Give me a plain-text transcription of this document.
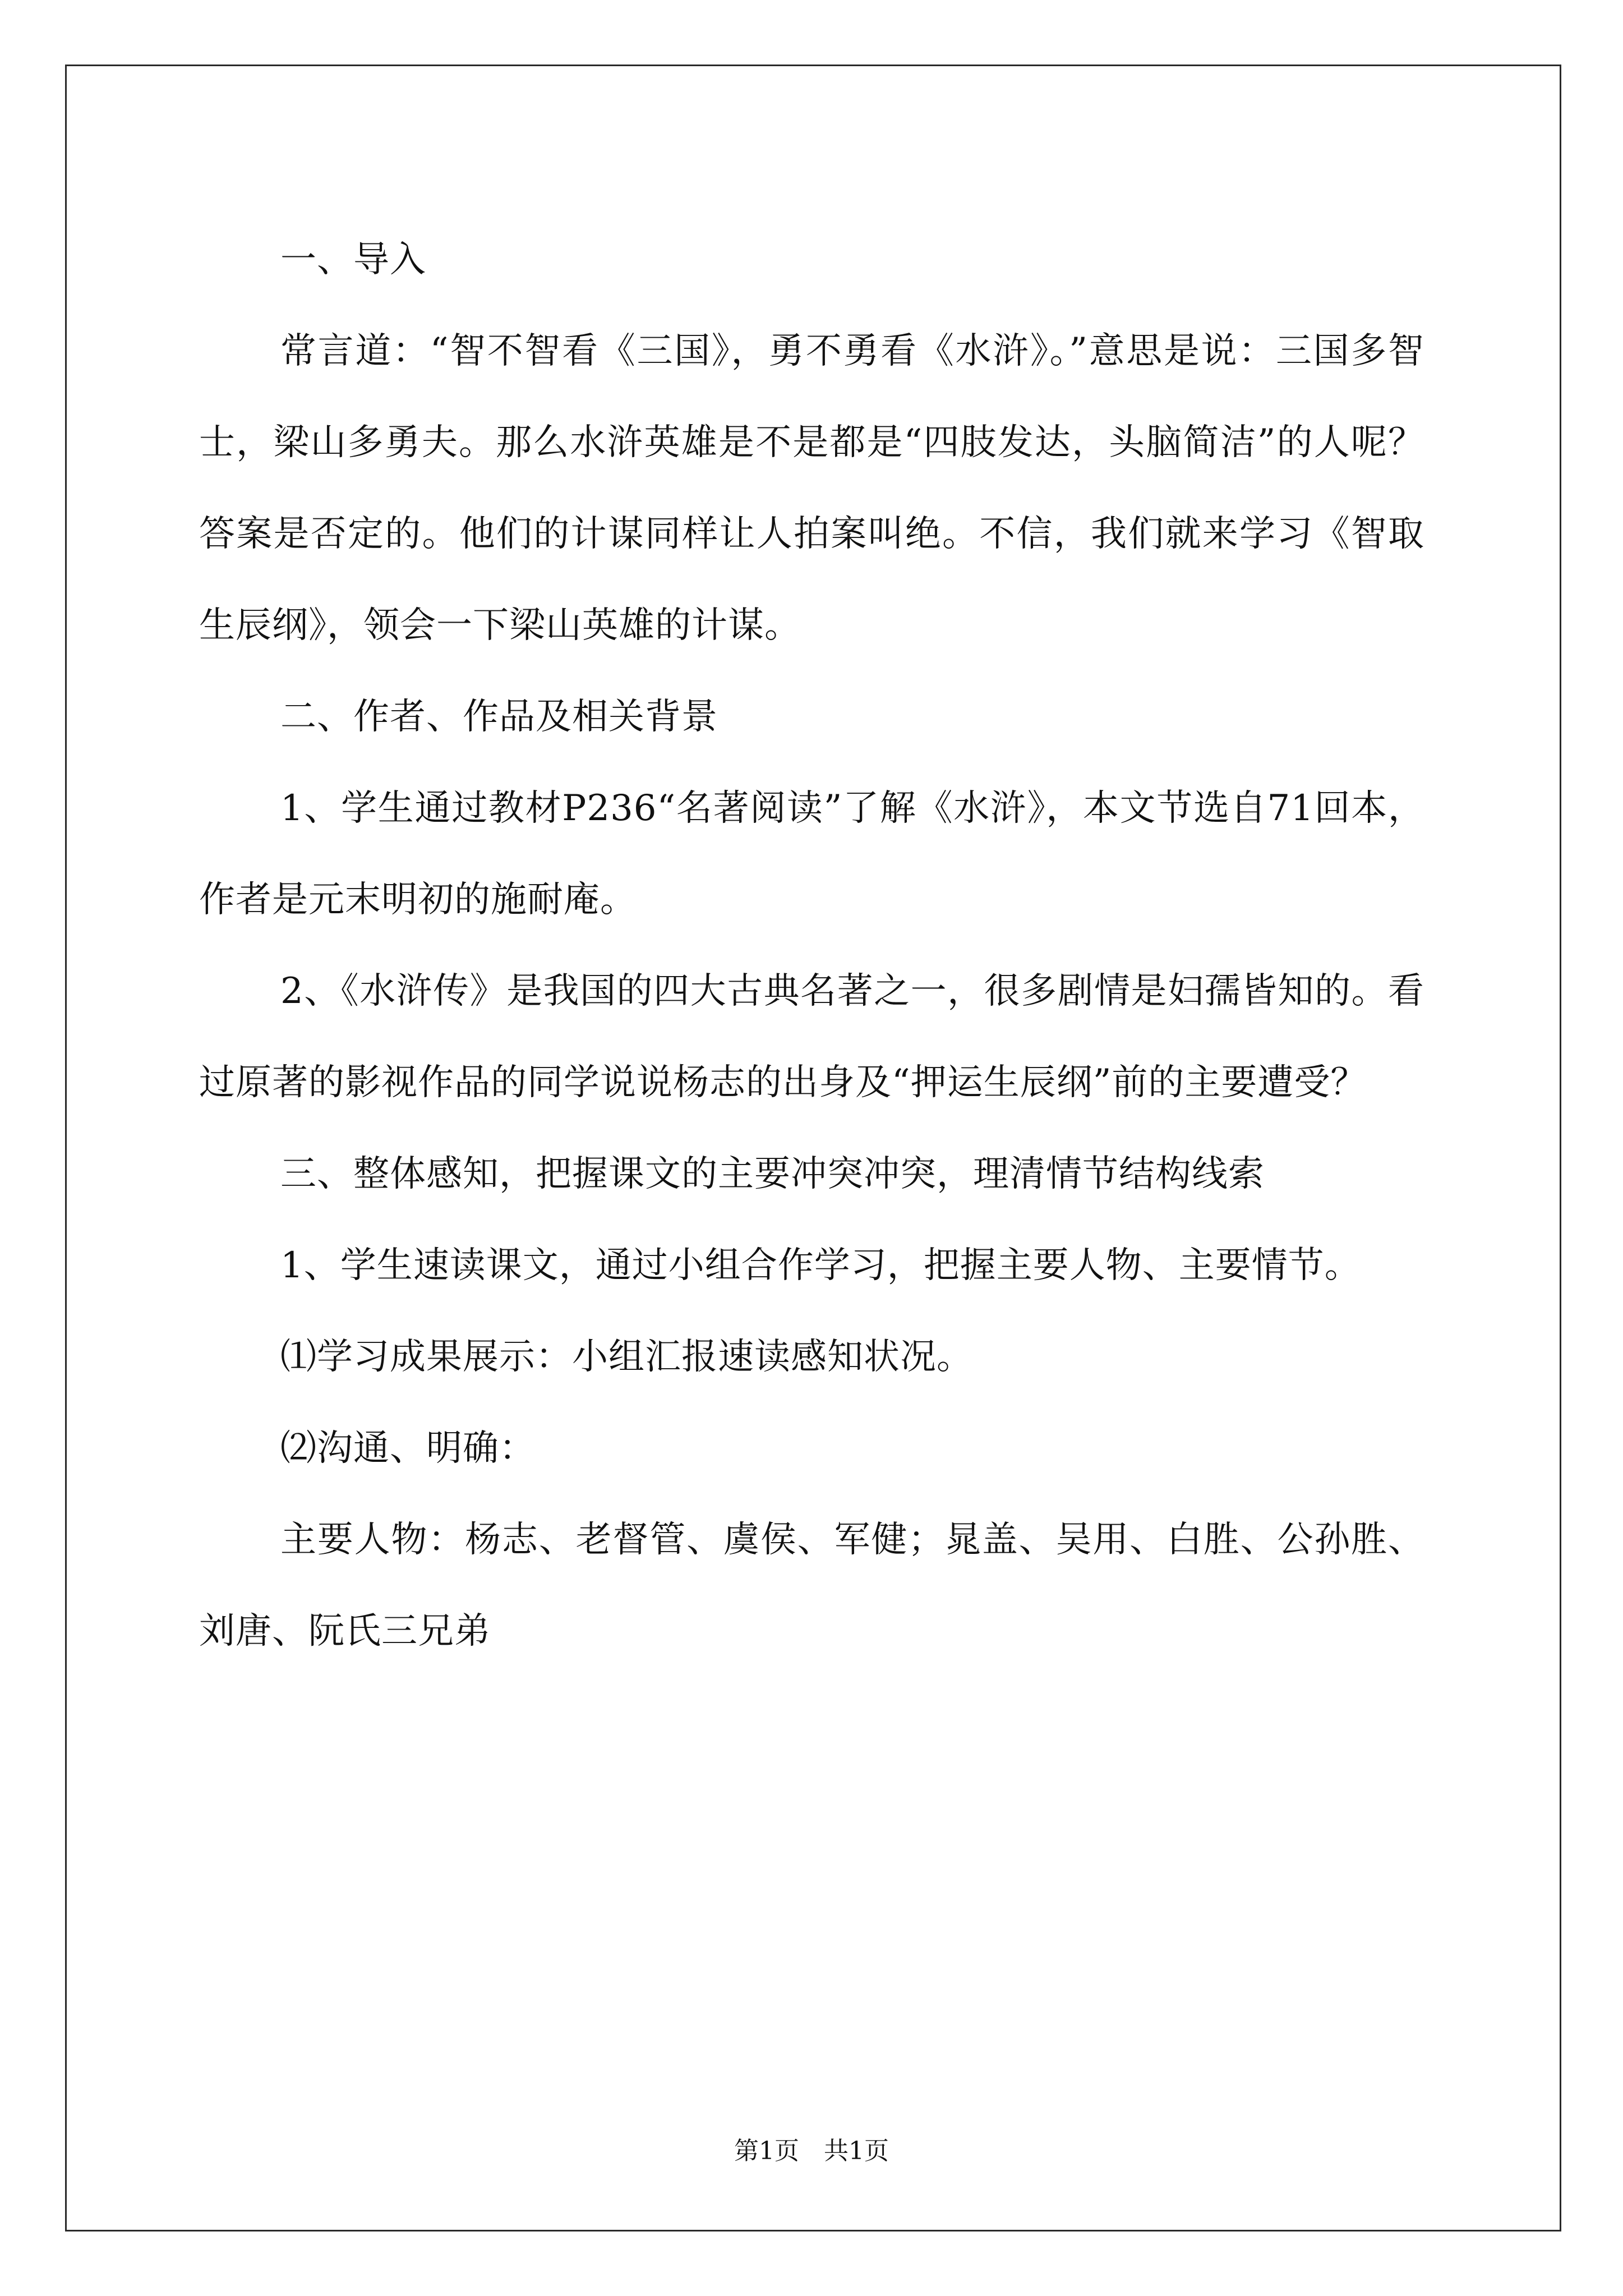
一、导入

常言道：“智不智看《三国》，勇不勇看《水浒》。”意思是说：三国多智士，梁山多勇夫。那么水浒英雄是不是都是“四肢发达，头脑简洁”的人呢？答案是否定的。他们的计谋同样让人拍案叫绝。不信，我们就来学习《智取生辰纲》，领会一下梁山英雄的计谋。

二、作者、作品及相关背景

1、学生通过教材P236“名著阅读”了解《水浒》，本文节选自71回本，作者是元末明初的施耐庵。

2、《水浒传》是我国的四大古典名著之一，很多剧情是妇孺皆知的。看过原著的影视作品的同学说说杨志的出身及“押运生辰纲”前的主要遭受？

三、整体感知，把握课文的主要冲突冲突，理清情节结构线索

1、学生速读课文，通过小组合作学习，把握主要人物、主要情节。

⑴学习成果展示：小组汇报速读感知状况。

⑵沟通、明确：

主要人物：杨志、老督管、虞侯、军健；晁盖、吴用、白胜、公孙胜、刘唐、阮氏三兄弟

第1页 共1页
